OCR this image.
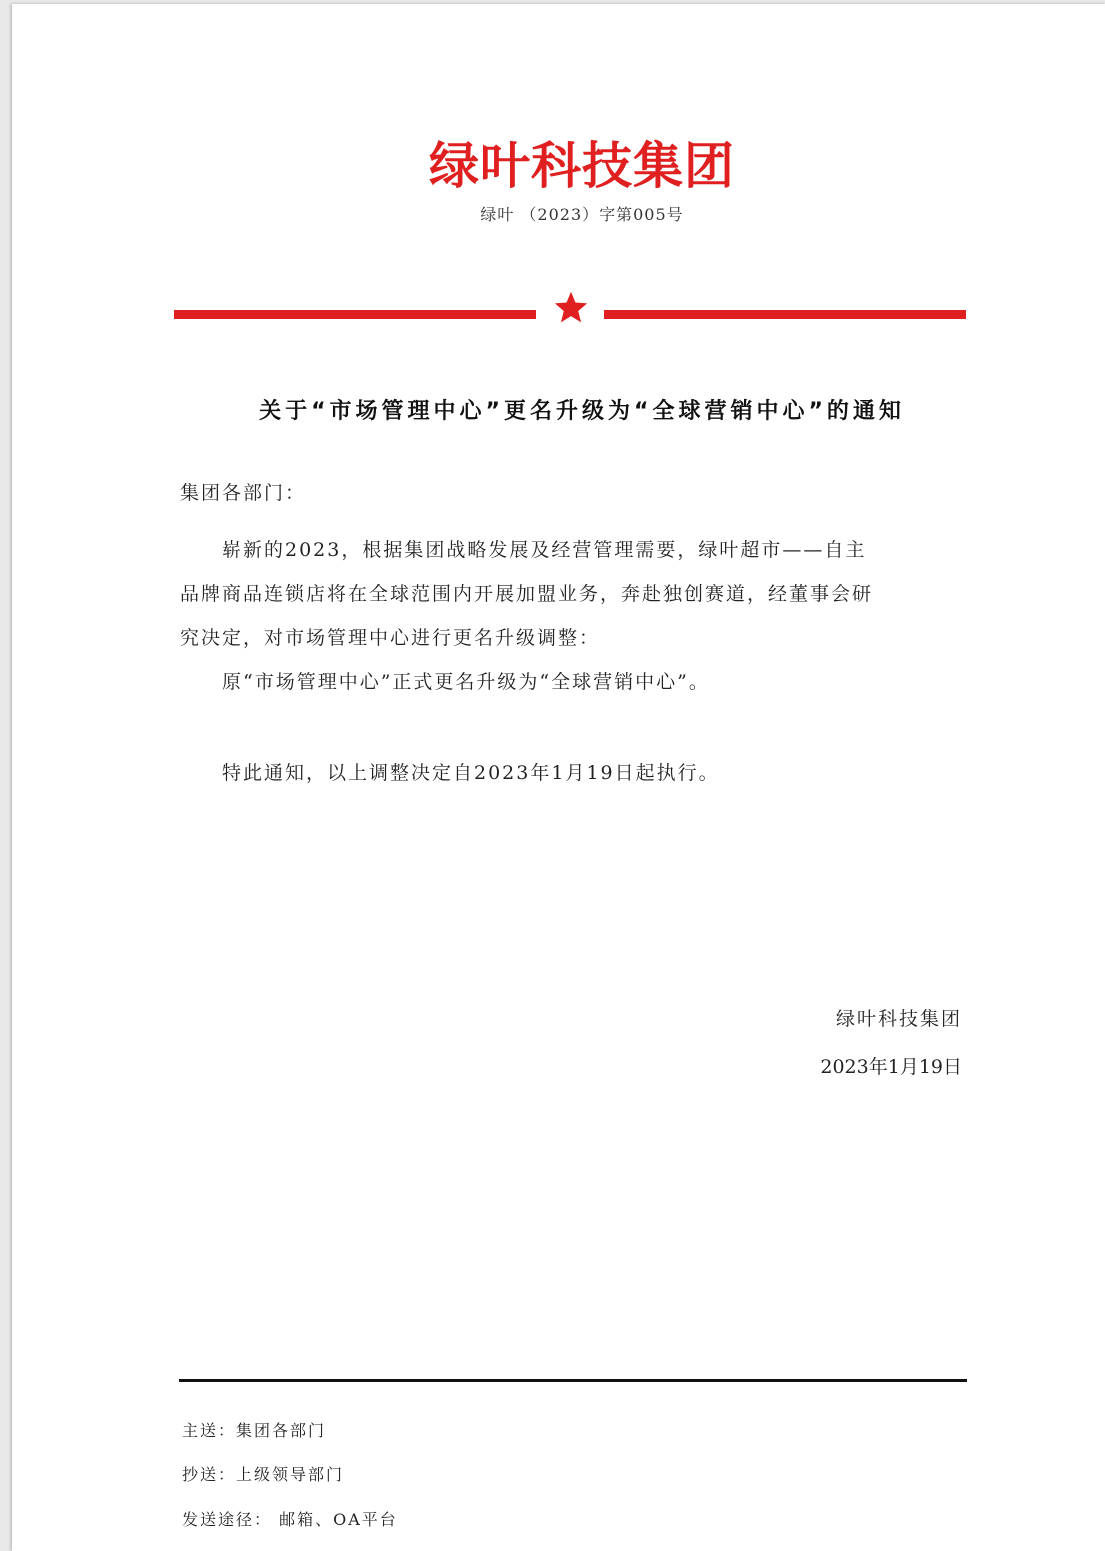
绿叶科技集团
绿叶 （2023）字第005号
关于“市场管理中心”更名升级为“全球营销中心”的通知
集团各部门：
崭新的2023，根据集团战略发展及经营管理需要，绿叶超市——自主
品牌商品连锁店将在全球范围内开展加盟业务，奔赴独创赛道，经董事会研
究决定，对市场管理中心进行更名升级调整：
原“市场管理中心”正式更名升级为“全球营销中心”。
特此通知，以上调整决定自2023年1月19日起执行。
绿叶科技集团
2023年1月19日
主送：集团各部门
抄送：上级领导部门
发送途径： 邮箱、OA平台
